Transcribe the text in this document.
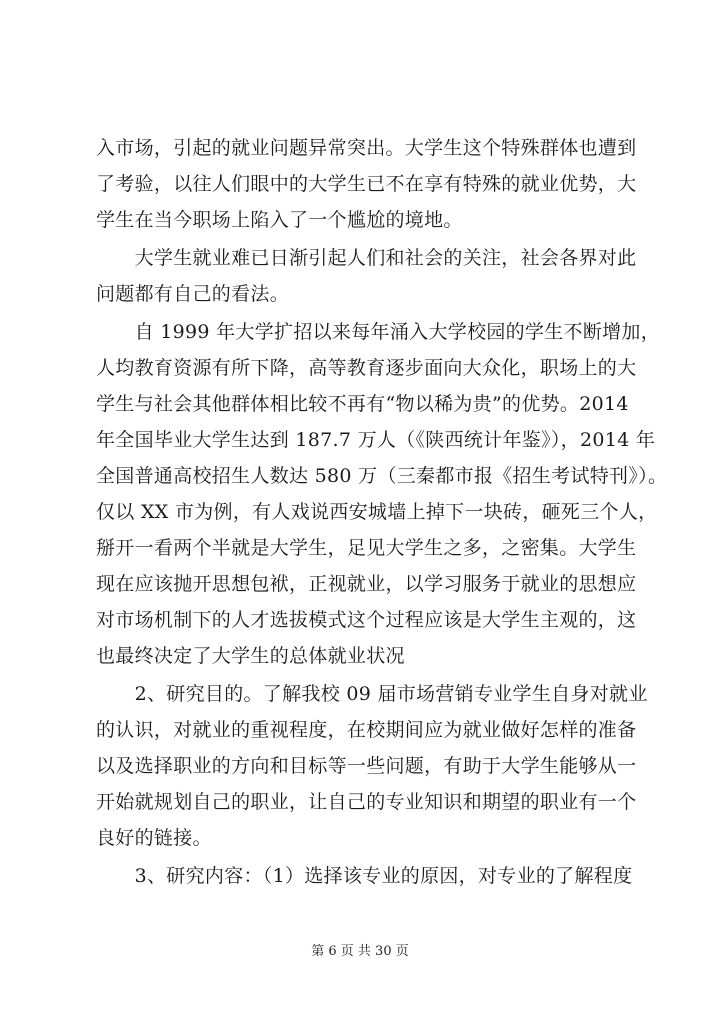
入市场，引起的就业问题异常突出。大学生这个特殊群体也遭到
了考验，以往人们眼中的大学生已不在享有特殊的就业优势，大
学生在当今职场上陷入了一个尴尬的境地。
　　大学生就业难已日渐引起人们和社会的关注，社会各界对此
问题都有自己的看法。
　　自 1999 年大学扩招以来每年涌入大学校园的学生不断增加，
人均教育资源有所下降，高等教育逐步面向大众化，职场上的大
学生与社会其他群体相比较不再有“物以稀为贵”的优势。2014
年全国毕业大学生达到 187.7 万人（《陕西统计年鉴》），2014 年
全国普通高校招生人数达 580 万（三秦都市报《招生考试特刊》）。
仅以 XX 市为例，有人戏说西安城墙上掉下一块砖，砸死三个人，
掰开一看两个半就是大学生，足见大学生之多，之密集。大学生
现在应该抛开思想包袱，正视就业，以学习服务于就业的思想应
对市场机制下的人才选拔模式这个过程应该是大学生主观的，这
也最终决定了大学生的总体就业状况
　　2、研究目的。了解我校 09 届市场营销专业学生自身对就业
的认识，对就业的重视程度，在校期间应为就业做好怎样的准备
以及选择职业的方向和目标等一些问题，有助于大学生能够从一
开始就规划自己的职业，让自己的专业知识和期望的职业有一个
良好的链接。
　　3、研究内容：（1）选择该专业的原因，对专业的了解程度
第 6 页 共 30 页
